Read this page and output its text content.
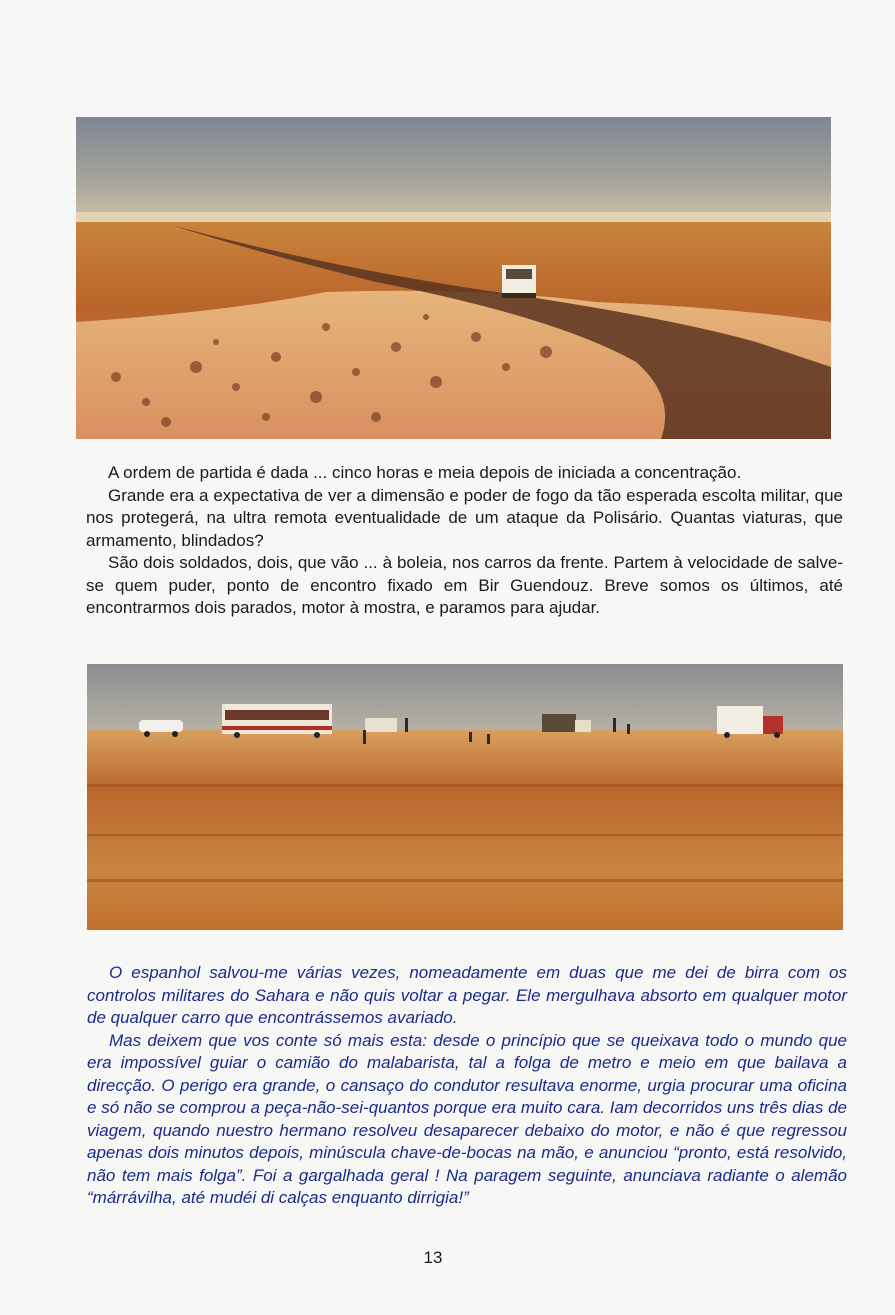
A ordem de partida é dada ... cinco horas e meia depois de iniciada a concentração.

Grande era a expectativa de ver a dimensão e poder de fogo da tão esperada escolta militar, que nos protegerá, na ultra remota eventualidade de um ataque da Polisário. Quantas viaturas, que armamento, blindados?

São dois soldados, dois, que vão ... à boleia, nos carros da frente. Partem à velocidade de salve-se quem puder, ponto de encontro fixado em Bir Guendouz. Breve somos os últimos, até encontrarmos dois parados, motor à mostra, e paramos para ajudar.

O espanhol salvou-me várias vezes, nomeadamente em duas que me dei de birra com os controlos militares do Sahara e não quis voltar a pegar. Ele mergulhava absorto em qualquer motor de qualquer carro que encontrássemos avariado.

Mas deixem que vos conte só mais esta: desde o princípio que se queixava todo o mundo que era impossível guiar o camião do malabarista, tal a folga de metro e meio em que bailava a direcção. O perigo era grande, o cansaço do condutor resultava enorme, urgia procurar uma oficina e só não se comprou a peça-não-sei-quantos porque era muito cara. Iam decorridos uns três dias de viagem, quando nuestro hermano resolveu desaparecer debaixo do motor, e não é que regressou apenas dois minutos depois, minúscula chave-de-bocas na mão, e anunciou “pronto, está resolvido, não tem mais folga”. Foi a gargalhada geral ! Na paragem seguinte, anunciava radiante o alemão “márrávilha, até mudéi di calças enquanto dirrigia!”

13
